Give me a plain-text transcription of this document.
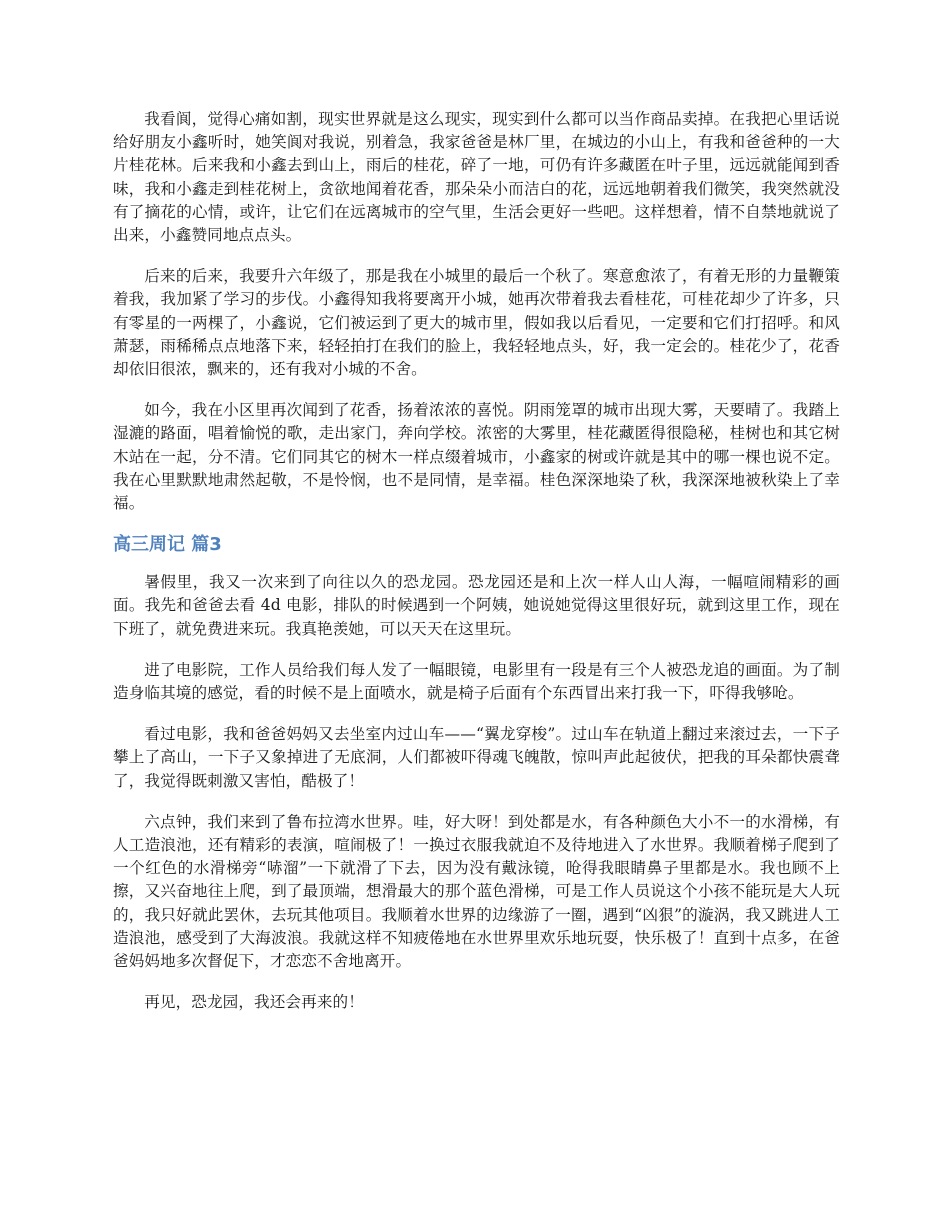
我看阆，觉得心痛如割，现实世界就是这么现实，现实到什么都可以当作商品卖掉。在我把心里话说给好朋友小鑫听时，她笑阆对我说，别着急，我家爸爸是林厂里，在城边的小山上，有我和爸爸种的一大片桂花林。后来我和小鑫去到山上，雨后的桂花，碎了一地，可仍有许多藏匿在叶子里，远远就能闻到香味，我和小鑫走到桂花树上，贪欲地闻着花香，那朵朵小而洁白的花，远远地朝着我们微笑，我突然就没有了摘花的心情，或许，让它们在远离城市的空气里，生活会更好一些吧。这样想着，情不自禁地就说了出来，小鑫赞同地点点头。

后来的后来，我要升六年级了，那是我在小城里的最后一个秋了。寒意愈浓了，有着无形的力量鞭策着我，我加紧了学习的步伐。小鑫得知我将要离开小城，她再次带着我去看桂花，可桂花却少了许多，只有零星的一两棵了，小鑫说，它们被运到了更大的城市里，假如我以后看见，一定要和它们打招呼。和风萧瑟，雨稀稀点点地落下来，轻轻拍打在我们的脸上，我轻轻地点头，好，我一定会的。桂花少了，花香却依旧很浓，飘来的，还有我对小城的不舍。

如今，我在小区里再次闻到了花香，扬着浓浓的喜悦。阴雨笼罩的城市出现大雾，天要晴了。我踏上湿漉的路面，唱着愉悦的歌，走出家门，奔向学校。浓密的大雾里，桂花藏匿得很隐秘，桂树也和其它树木站在一起，分不清。它们同其它的树木一样点缀着城市，小鑫家的树或许就是其中的哪一棵也说不定。我在心里默默地肃然起敬，不是怜悯，也不是同情，是幸福。桂色深深地染了秋，我深深地被秋染上了幸福。

高三周记 篇3

暑假里，我又一次来到了向往以久的恐龙园。恐龙园还是和上次一样人山人海，一幅喧闹精彩的画面。我先和爸爸去看 4d 电影，排队的时候遇到一个阿姨，她说她觉得这里很好玩，就到这里工作，现在下班了，就免费进来玩。我真艳羡她，可以天天在这里玩。

进了电影院，工作人员给我们每人发了一幅眼镜，电影里有一段是有三个人被恐龙追的画面。为了制造身临其境的感觉，看的时候不是上面喷水，就是椅子后面有个东西冒出来打我一下，吓得我够呛。

看过电影，我和爸爸妈妈又去坐室内过山车——“翼龙穿梭”。过山车在轨道上翻过来滚过去，一下子攀上了高山，一下子又象掉进了无底洞，人们都被吓得魂飞魄散，惊叫声此起彼伏，把我的耳朵都快震聋了，我觉得既刺激又害怕，酷极了！

六点钟，我们来到了鲁布拉湾水世界。哇，好大呀！到处都是水，有各种颜色大小不一的水滑梯，有人工造浪池，还有精彩的表演，喧闹极了！一换过衣服我就迫不及待地进入了水世界。我顺着梯子爬到了一个红色的水滑梯旁“哧溜”一下就滑了下去，因为没有戴泳镜，呛得我眼睛鼻子里都是水。我也顾不上擦，又兴奋地往上爬，到了最顶端，想滑最大的那个蓝色滑梯，可是工作人员说这个小孩不能玩是大人玩的，我只好就此罢休，去玩其他项目。我顺着水世界的边缘游了一圈，遇到“凶狠”的漩涡，我又跳进人工造浪池，感受到了大海波浪。我就这样不知疲倦地在水世界里欢乐地玩耍，快乐极了！直到十点多，在爸爸妈妈地多次督促下，才恋恋不舍地离开。

再见，恐龙园，我还会再来的！
